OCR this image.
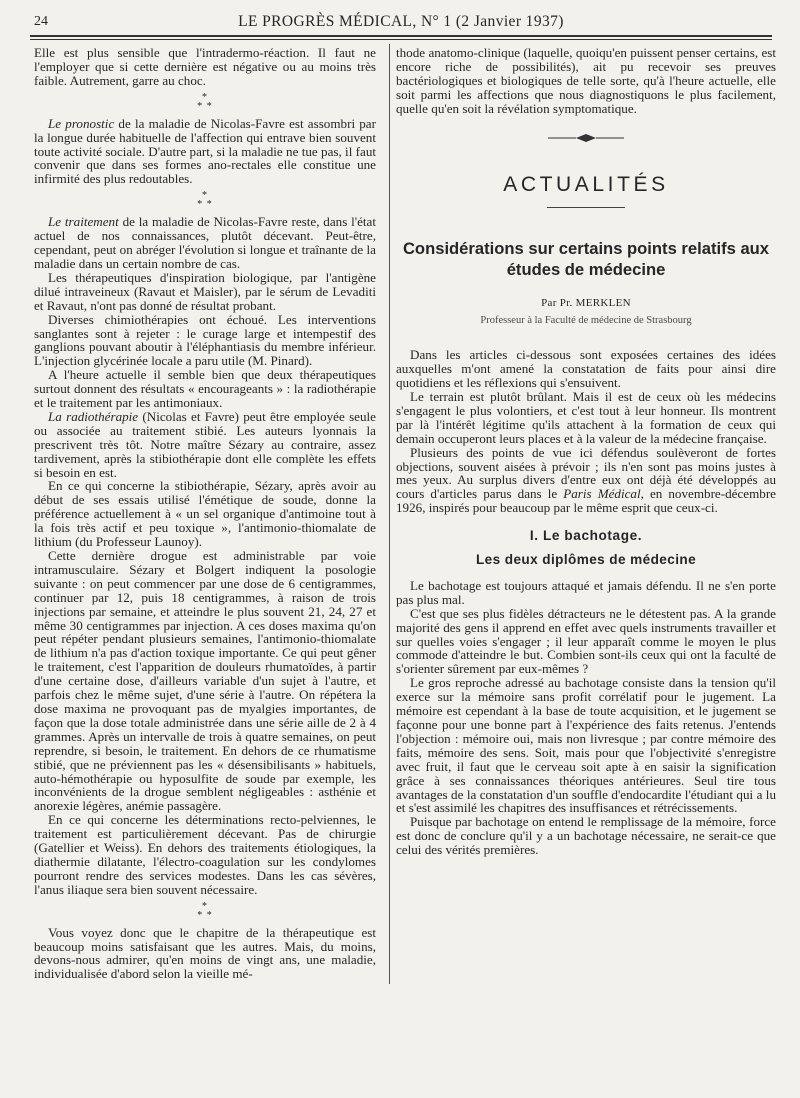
24	LE PROGRÈS MÉDICAL, N° 1 (2 Janvier 1937)

Elle est plus sensible que l'intradermo-réaction. Il faut ne l'employer que si cette dernière est négative ou au moins très faible. Autrement, garre au choc.

*
* *

Le pronostic de la maladie de Nicolas-Favre est assombri par la longue durée habituelle de l'affection qui entrave bien souvent toute activité sociale. D'autre part, si la maladie ne tue pas, il faut convenir que dans ses formes ano-rectales elle constitue une infirmité des plus redoutables.

*
* *

Le traitement de la maladie de Nicolas-Favre reste, dans l'état actuel de nos connaissances, plutôt décevant. Peut-être, cependant, peut on abréger l'évolution si longue et traînante de la maladie dans un certain nombre de cas.

Les thérapeutiques d'inspiration biologique, par l'antigène dilué intraveineux (Ravaut et Maisler), par le sérum de Levaditi et Ravaut, n'ont pas donné de résultat probant.

Diverses chimiothérapies ont échoué. Les interventions sanglantes sont à rejeter : le curage large et intempestif des ganglions pouvant aboutir à l'éléphantiasis du membre inférieur. L'injection glycérinée locale a paru utile (M. Pinard).

A l'heure actuelle il semble bien que deux thérapeutiques surtout donnent des résultats « encourageants » : la radiothérapie et le traitement par les antimoniaux.

La radiothérapie (Nicolas et Favre) peut être employée seule ou associée au traitement stibié. Les auteurs lyonnais la prescrivent très tôt. Notre maître Sézary au contraire, assez tardivement, après la stibiothérapie dont elle complète les effets si besoin en est.

En ce qui concerne la stibiothérapie, Sézary, après avoir au début de ses essais utilisé l'émétique de soude, donne la préférence actuellement à « un sel organique d'antimoine tout à la fois très actif et peu toxique », l'antimonio-thiomalate de lithium (du Professeur Launoy).

Cette dernière drogue est administrable par voie intramusculaire. Sézary et Bolgert indiquent la posologie suivante : on peut commencer par une dose de 6 centigrammes, continuer par 12, puis 18 centigrammes, à raison de trois injections par semaine, et atteindre le plus souvent 21, 24, 27 et même 30 centigrammes par injection. A ces doses maxima qu'on peut répéter pendant plusieurs semaines, l'antimonio-thiomalate de lithium n'a pas d'action toxique importante. Ce qui peut gêner le traitement, c'est l'apparition de douleurs rhumatoïdes, à partir d'une certaine dose, d'ailleurs variable d'un sujet à l'autre, et parfois chez le même sujet, d'une série à l'autre. On répétera la dose maxima ne provoquant pas de myalgies importantes, de façon que la dose totale administrée dans une série aille de 2 à 4 grammes. Après un intervalle de trois à quatre semaines, on peut reprendre, si besoin, le traitement. En dehors de ce rhumatisme stibié, que ne préviennent pas les « désensibilisants » habituels, auto-hémothérapie ou hyposulfite de soude par exemple, les inconvénients de la drogue semblent négligeables : asthénie et anorexie légères, anémie passagère.

En ce qui concerne les déterminations recto-pelviennes, le traitement est particulièrement décevant. Pas de chirurgie (Gatellier et Weiss). En dehors des traitements étiologiques, la diathermie dilatante, l'électro-coagulation sur les condylomes pourront rendre des services modestes. Dans les cas sévères, l'anus iliaque sera bien souvent nécessaire.

*
* *

Vous voyez donc que le chapitre de la thérapeutique est beaucoup moins satisfaisant que les autres. Mais, du moins, devons-nous admirer, qu'en moins de vingt ans, une maladie, individualisée d'abord selon la vieille mé-

thode anatomo-clinique (laquelle, quoiqu'en puissent penser certains, est encore riche de possibilités), ait pu recevoir ses preuves bactériologiques et biologiques de telle sorte, qu'à l'heure actuelle, elle soit parmi les affections que nous diagnostiquons le plus facilement, quelle qu'en soit la révélation symptomatique.

ACTUALITÉS
Considérations sur certains points relatifs aux études de médecine
Par Pr. MERKLEN
Professeur à la Faculté de médecine de Strasbourg

Dans les articles ci-dessous sont exposées certaines des idées auxquelles m'ont amené la constatation de faits pour ainsi dire quotidiens et les réflexions qui s'ensuivent.

Le terrain est plutôt brûlant. Mais il est de ceux où les médecins s'engagent le plus volontiers, et c'est tout à leur honneur. Ils montrent par là l'intérêt légitime qu'ils attachent à la formation de ceux qui demain occuperont leurs places et à la valeur de la médecine française.

Plusieurs des points de vue ici défendus soulèveront de fortes objections, souvent aisées à prévoir ; ils n'en sont pas moins justes à mes yeux. Au surplus divers d'entre eux ont déjà été développés au cours d'articles parus dans le Paris Médical, en novembre-décembre 1926, inspirés pour beaucoup par le même esprit que ceux-ci.

I. Le bachotage.
Les deux diplômes de médecine

Le bachotage est toujours attaqué et jamais défendu. Il ne s'en porte pas plus mal.

C'est que ses plus fidèles détracteurs ne le détestent pas. A la grande majorité des gens il apprend en effet avec quels instruments travailler et sur quelles voies s'engager ; il leur apparaît comme le moyen le plus commode d'atteindre le but. Combien sont-ils ceux qui ont la faculté de s'orienter sûrement par eux-mêmes ?

Le gros reproche adressé au bachotage consiste dans la tension qu'il exerce sur la mémoire sans profit corrélatif pour le jugement. La mémoire est cependant à la base de toute acquisition, et le jugement se façonne pour une bonne part à l'expérience des faits retenus. J'entends l'objection : mémoire oui, mais non livresque ; par contre mémoire des faits, mémoire des sens. Soit, mais pour que l'objectivité s'enregistre avec fruit, il faut que le cerveau soit apte à en saisir la signification grâce à ses connaissances théoriques antérieures. Seul tire tous avantages de la constatation d'un souffle d'endocardite l'étudiant qui a lu et s'est assimilé les chapitres des insuffisances et rétrécissements.

Puisque par bachotage on entend le remplissage de la mémoire, force est donc de conclure qu'il y a un bachotage nécessaire, ne serait-ce que celui des vérités premières.
